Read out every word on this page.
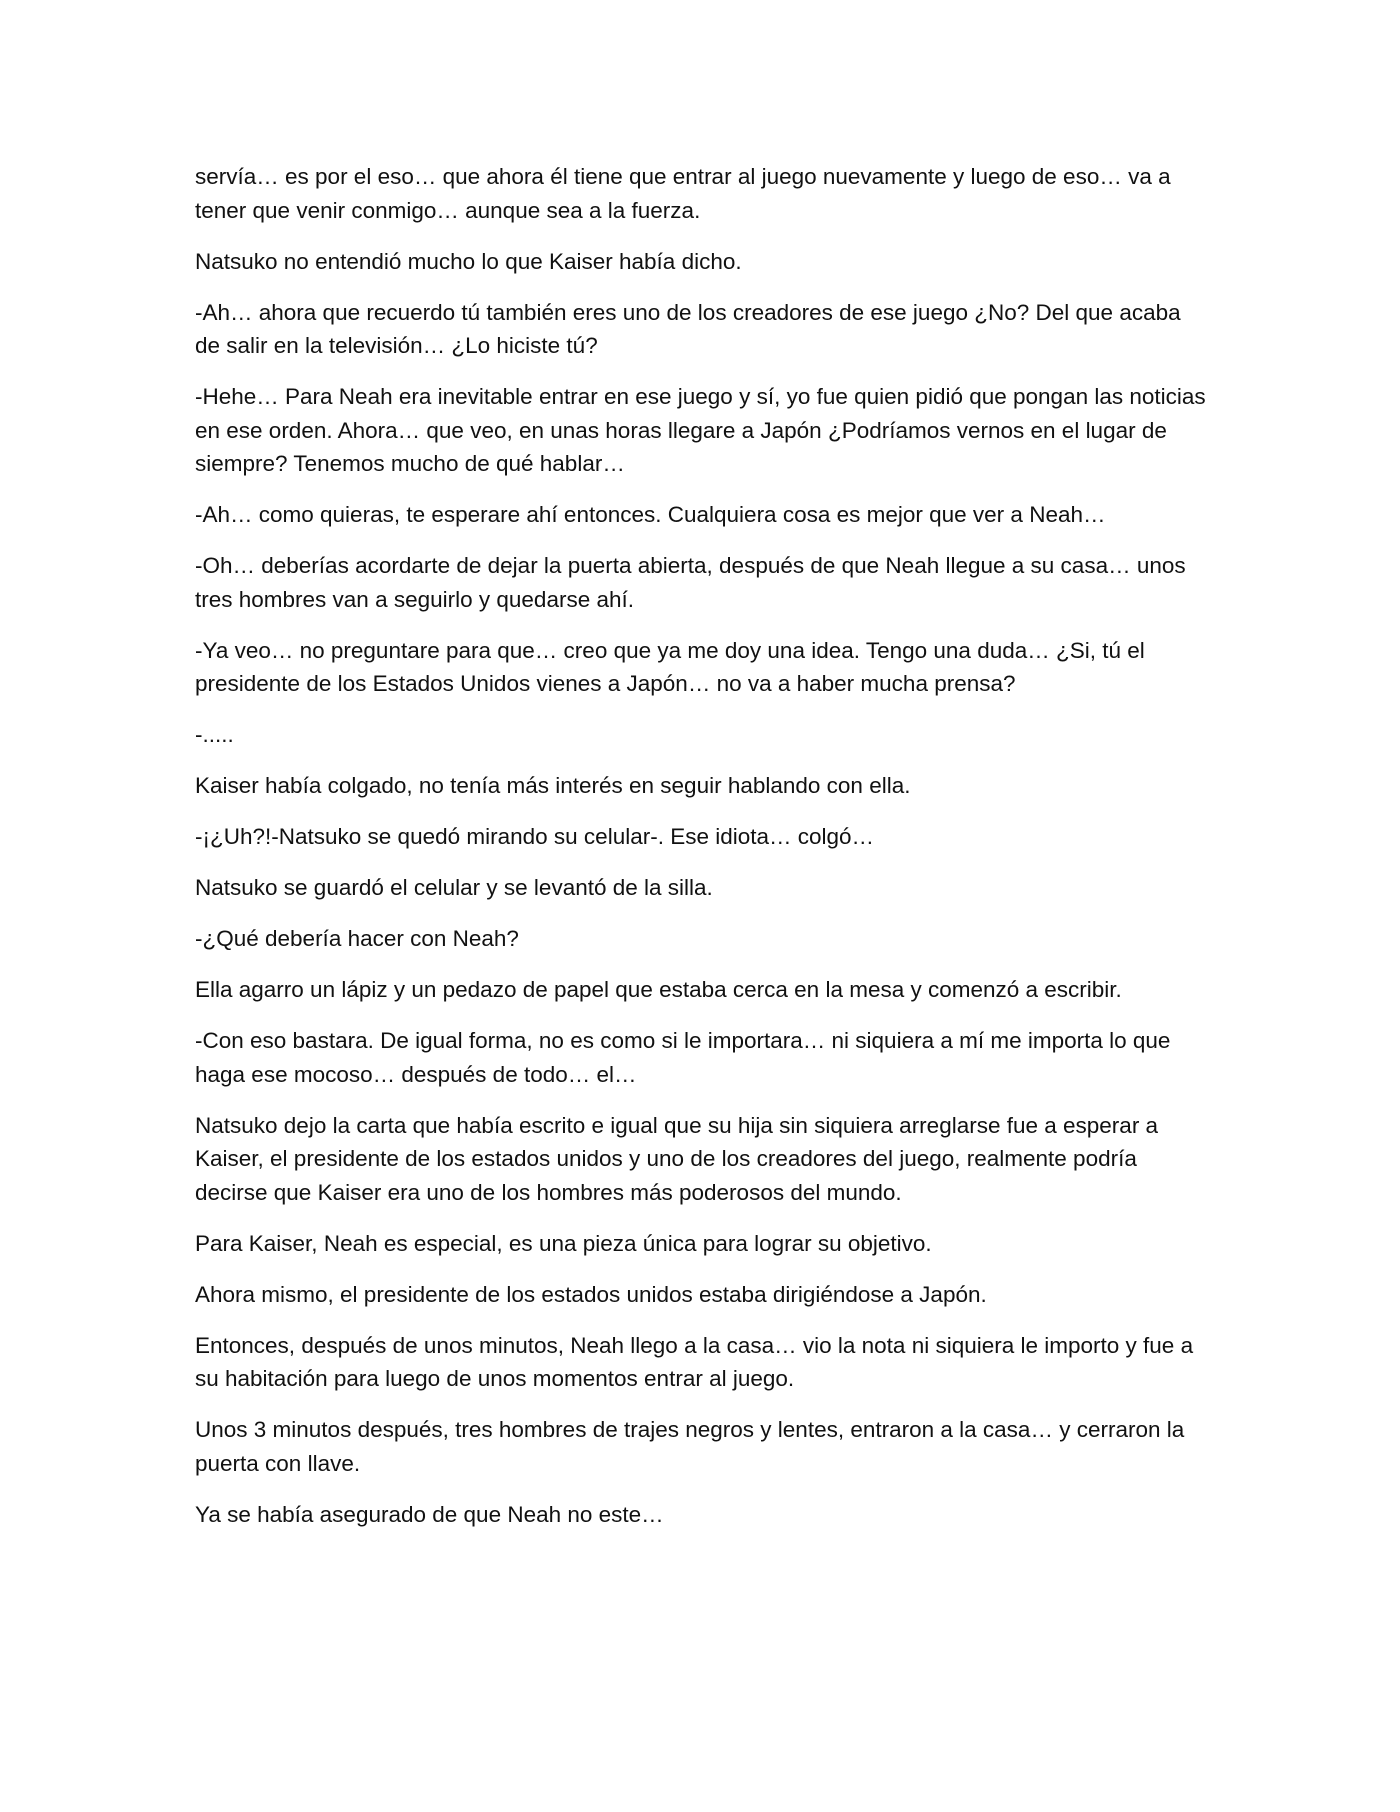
servía… es por el eso… que ahora él tiene que entrar al juego nuevamente y luego de eso… va a tener que venir conmigo… aunque sea a la fuerza.

Natsuko no entendió mucho lo que Kaiser había dicho.

-Ah… ahora que recuerdo tú también eres uno de los creadores de ese juego ¿No? Del que acaba de salir en la televisión… ¿Lo hiciste tú?

-Hehe… Para Neah era inevitable entrar en ese juego y sí, yo fue quien pidió que pongan las noticias en ese orden. Ahora… que veo, en unas horas llegare a Japón ¿Podríamos vernos en el lugar de siempre? Tenemos mucho de qué hablar…

-Ah… como quieras, te esperare ahí entonces. Cualquiera cosa es mejor que ver a Neah…

-Oh… deberías acordarte de dejar la puerta abierta, después de que Neah llegue a su casa… unos tres hombres van a seguirlo y quedarse ahí.

-Ya veo… no preguntare para que… creo que ya me doy una idea. Tengo una duda… ¿Si, tú el presidente de los Estados Unidos vienes a Japón… no va a haber mucha prensa?

-.....

Kaiser había colgado, no tenía más interés en seguir hablando con ella.

-¡¿Uh?!-Natsuko se quedó mirando su celular-. Ese idiota… colgó…

Natsuko se guardó el celular y se levantó de la silla.

-¿Qué debería hacer con Neah?

Ella agarro un lápiz y un pedazo de papel que estaba cerca en la mesa y comenzó a escribir.

-Con eso bastara. De igual forma, no es como si le importara… ni siquiera a mí me importa lo que haga ese mocoso… después de todo… el…

Natsuko dejo la carta que había escrito e igual que su hija sin siquiera arreglarse fue a esperar a Kaiser, el presidente de los estados unidos y uno de los creadores del juego, realmente podría decirse que Kaiser era uno de los hombres más poderosos del mundo.

Para Kaiser, Neah es especial, es una pieza única para lograr su objetivo.

Ahora mismo, el presidente de los estados unidos estaba dirigiéndose a Japón.

Entonces, después de unos minutos, Neah llego a la casa… vio la nota ni siquiera le importo y fue a su habitación para luego de unos momentos entrar al juego.

Unos 3 minutos después, tres hombres de trajes negros y lentes, entraron a la casa… y cerraron la puerta con llave.

Ya se había asegurado de que Neah no este…
